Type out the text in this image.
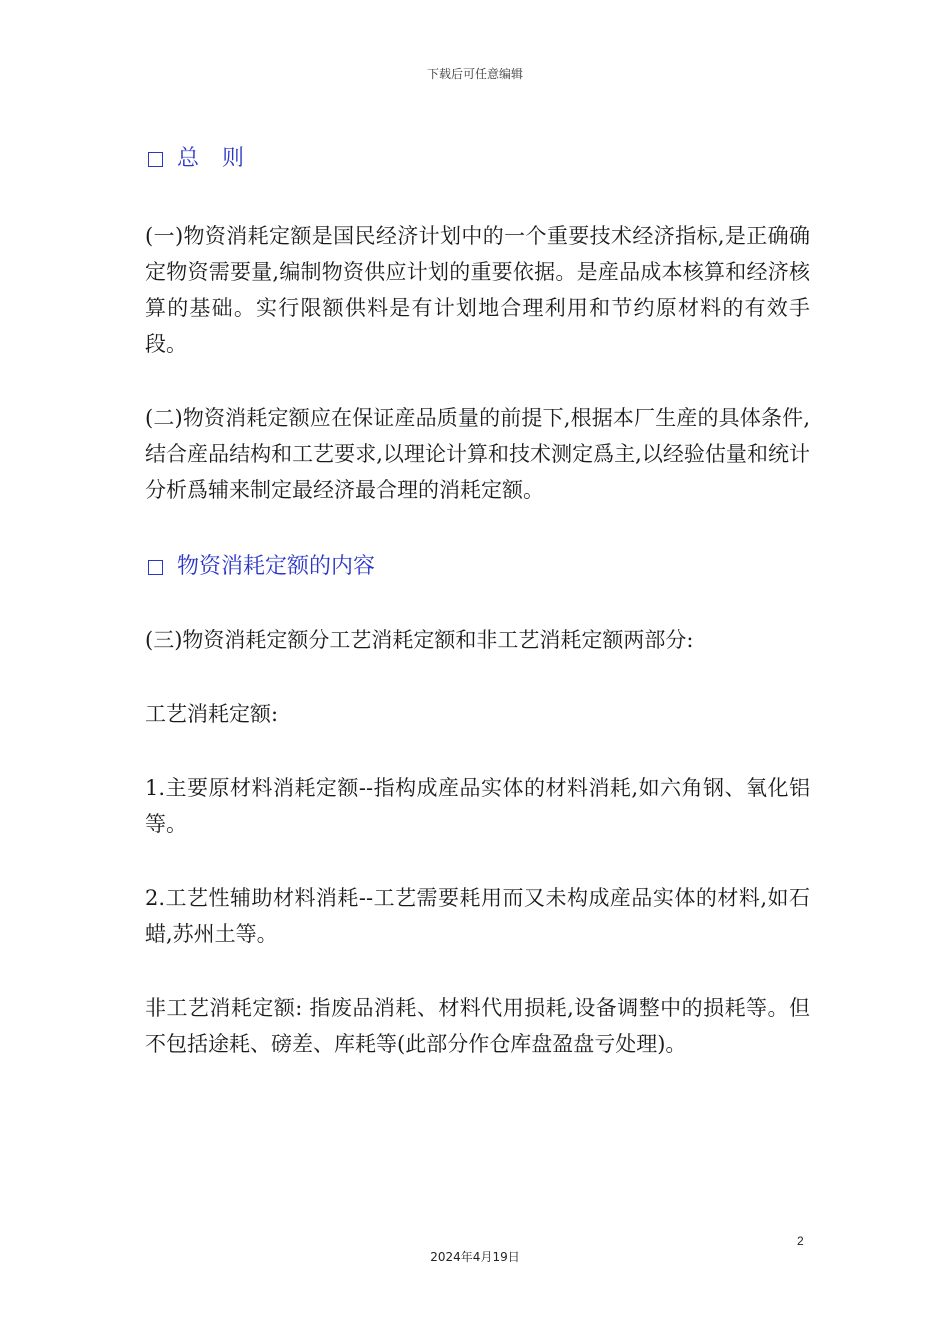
下载后可任意编辑
总 则

(一)物资消耗定额是国民经济计划中的一个重要技术经济指标,是正确确定物资需要量,编制物资供应计划的重要依据。是産品成本核算和经济核算的基础。实行限额供料是有计划地合理利用和节约原材料的有效手段。

(二)物资消耗定额应在保证産品质量的前提下,根据本厂生産的具体条件,结合産品结构和工艺要求,以理论计算和技术测定爲主,以经验估量和统计分析爲辅来制定最经济最合理的消耗定额。

物资消耗定额的内容

(三)物资消耗定额分工艺消耗定额和非工艺消耗定额两部分:

工艺消耗定额:

1.主要原材料消耗定额--指构成産品实体的材料消耗,如六角钢、氧化铝等。

2.工艺性辅助材料消耗--工艺需要耗用而又未构成産品实体的材料,如石蜡,苏州土等。

非工艺消耗定额: 指废品消耗、材料代用损耗,设备调整中的损耗等。但不包括途耗、磅差、库耗等(此部分作仓库盘盈盘亏处理)。

2
2024年4月19日
